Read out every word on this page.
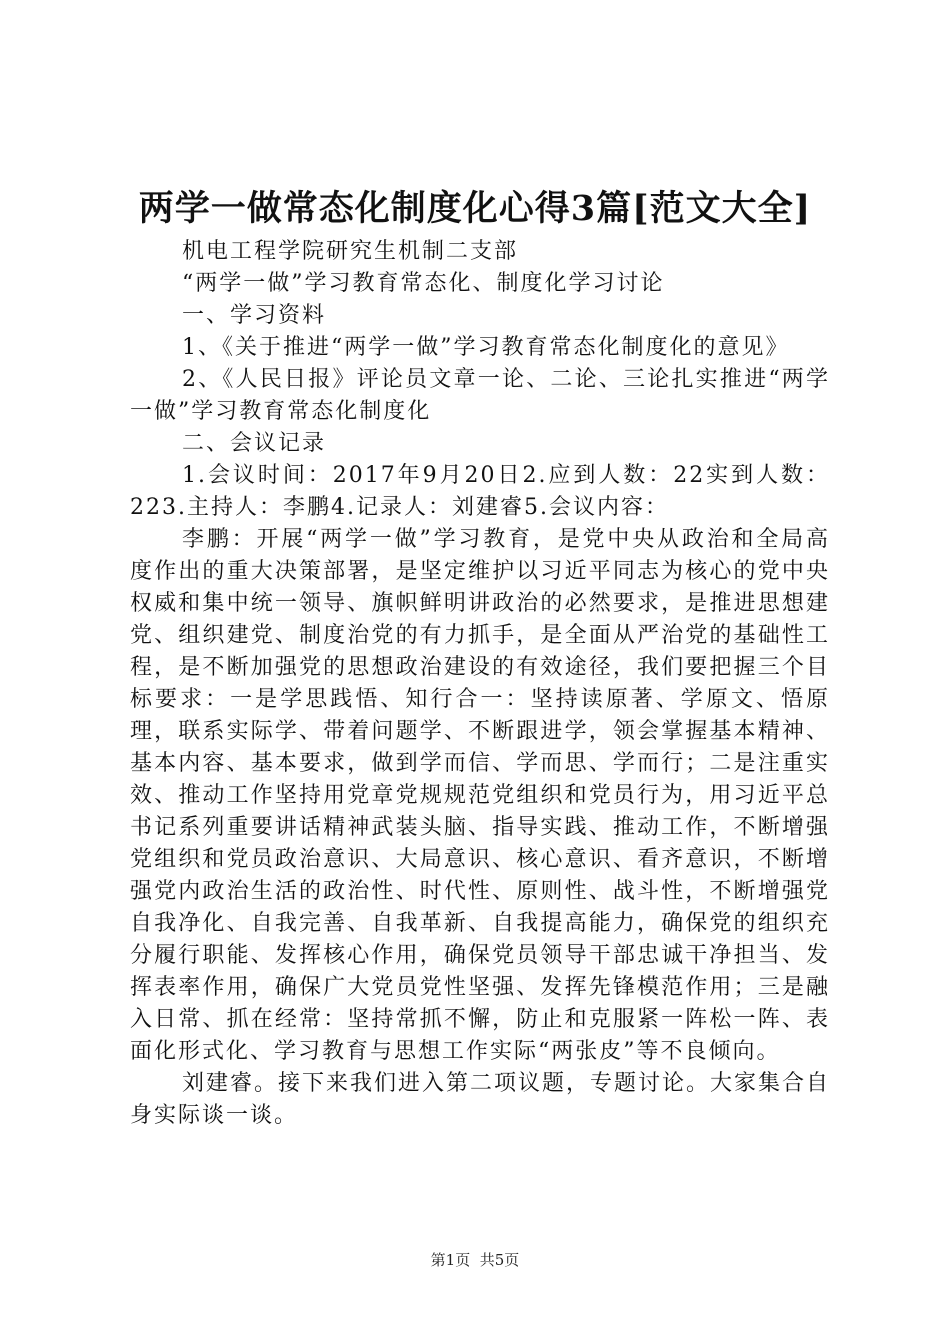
两学一做常态化制度化心得3篇[范文大全]

机电工程学院研究生机制二支部

“两学一做”学习教育常态化、制度化学习讨论

一、学习资料

1、《关于推进“两学一做”学习教育常态化制度化的意见》

2、《人民日报》评论员文章一论、二论、三论扎实推进“两学一做”学习教育常态化制度化

二、会议记录

1.会议时间：2017年9月20日2.应到人数：22实到人数：223.主持人：李鹏4.记录人：刘建睿5.会议内容：

李鹏：开展“两学一做”学习教育，是党中央从政治和全局高度作出的重大决策部署，是坚定维护以习近平同志为核心的党中央权威和集中统一领导、旗帜鲜明讲政治的必然要求，是推进思想建党、组织建党、制度治党的有力抓手，是全面从严治党的基础性工程，是不断加强党的思想政治建设的有效途径，我们要把握三个目标要求：一是学思践悟、知行合一：坚持读原著、学原文、悟原理，联系实际学、带着问题学、不断跟进学，领会掌握基本精神、基本内容、基本要求，做到学而信、学而思、学而行；二是注重实效、推动工作坚持用党章党规规范党组织和党员行为，用习近平总书记系列重要讲话精神武装头脑、指导实践、推动工作，不断增强党组织和党员政治意识、大局意识、核心意识、看齐意识，不断增强党内政治生活的政治性、时代性、原则性、战斗性，不断增强党自我净化、自我完善、自我革新、自我提高能力，确保党的组织充分履行职能、发挥核心作用，确保党员领导干部忠诚干净担当、发挥表率作用，确保广大党员党性坚强、发挥先锋模范作用；三是融入日常、抓在经常：坚持常抓不懈，防止和克服紧一阵松一阵、表面化形式化、学习教育与思想工作实际“两张皮”等不良倾向。

刘建睿。接下来我们进入第二项议题，专题讨论。大家集合自身实际谈一谈。

第1页 共5页
